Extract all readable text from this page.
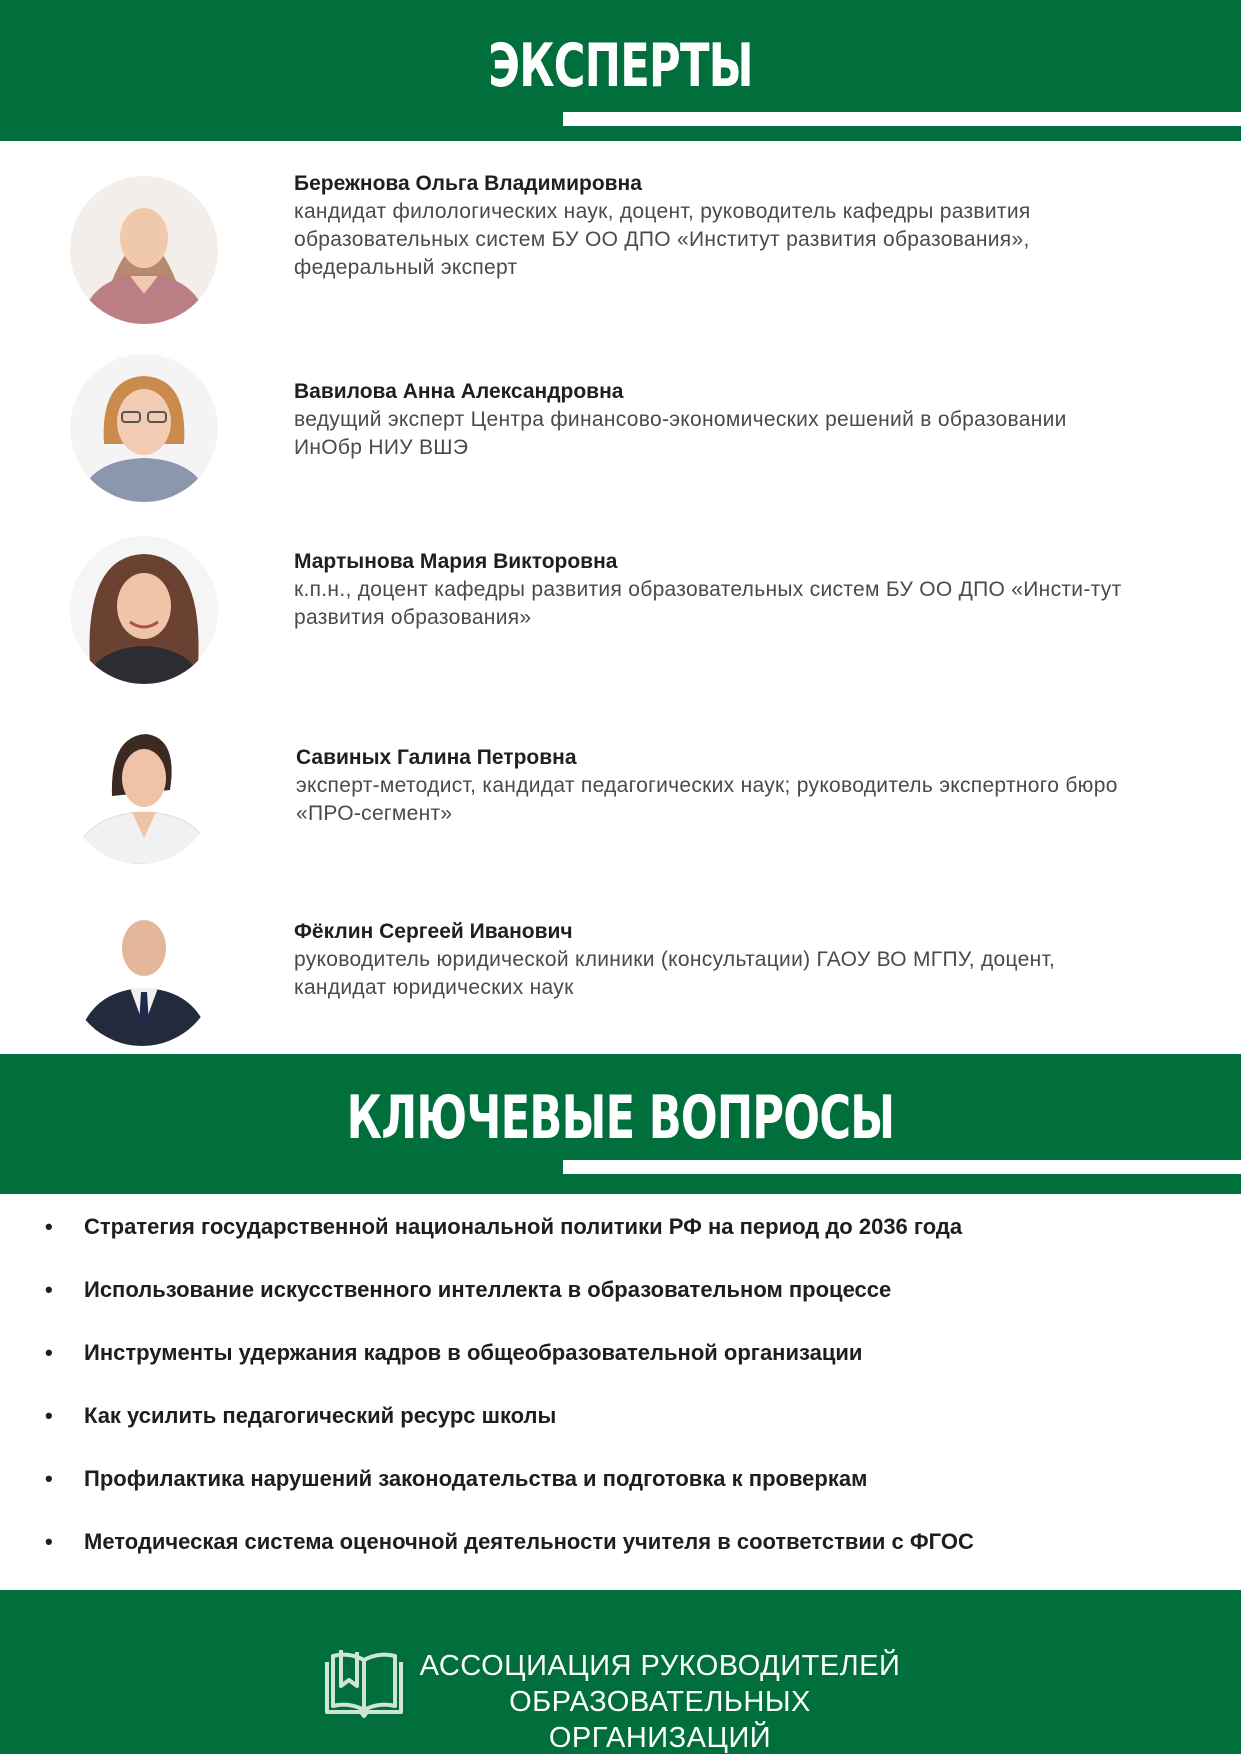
ЭКСПЕРТЫ
Бережнова Ольга Владимировна
кандидат филологических наук, доцент, руководитель кафедры развития образовательных систем БУ ОО ДПО «Институт развития образования», федеральный эксперт
Вавилова Анна Александровна
ведущий эксперт Центра финансово-экономических решений в образовании ИнОбр НИУ ВШЭ
Мартынова Мария Викторовна
к.п.н., доцент кафедры развития образовательных систем БУ ОО ДПО «Инсти-тут развития образования»
Савиных Галина Петровна
эксперт-методист, кандидат педагогических наук; руководитель экспертного бюро «ПРО-сегмент»
Фёклин Сергеей Иванович
руководитель юридической клиники (консультации) ГАОУ ВО МГПУ, доцент, кандидат юридических наук
КЛЮЧЕВЫЕ ВОПРОСЫ
• Стратегия государственной национальной политики РФ на период до 2036 года
• Использование искусственного интеллекта в образовательном процессе
• Инструменты удержания кадров в общеобразовательной организации
• Как усилить педагогический ресурс школы
• Профилактика нарушений законодательства и подготовка к проверкам
• Методическая система оценочной деятельности учителя в соответствии с ФГОС
АССОЦИАЦИЯ РУКОВОДИТЕЛЕЙ
ОБРАЗОВАТЕЛЬНЫХ ОРГАНИЗАЦИЙ
